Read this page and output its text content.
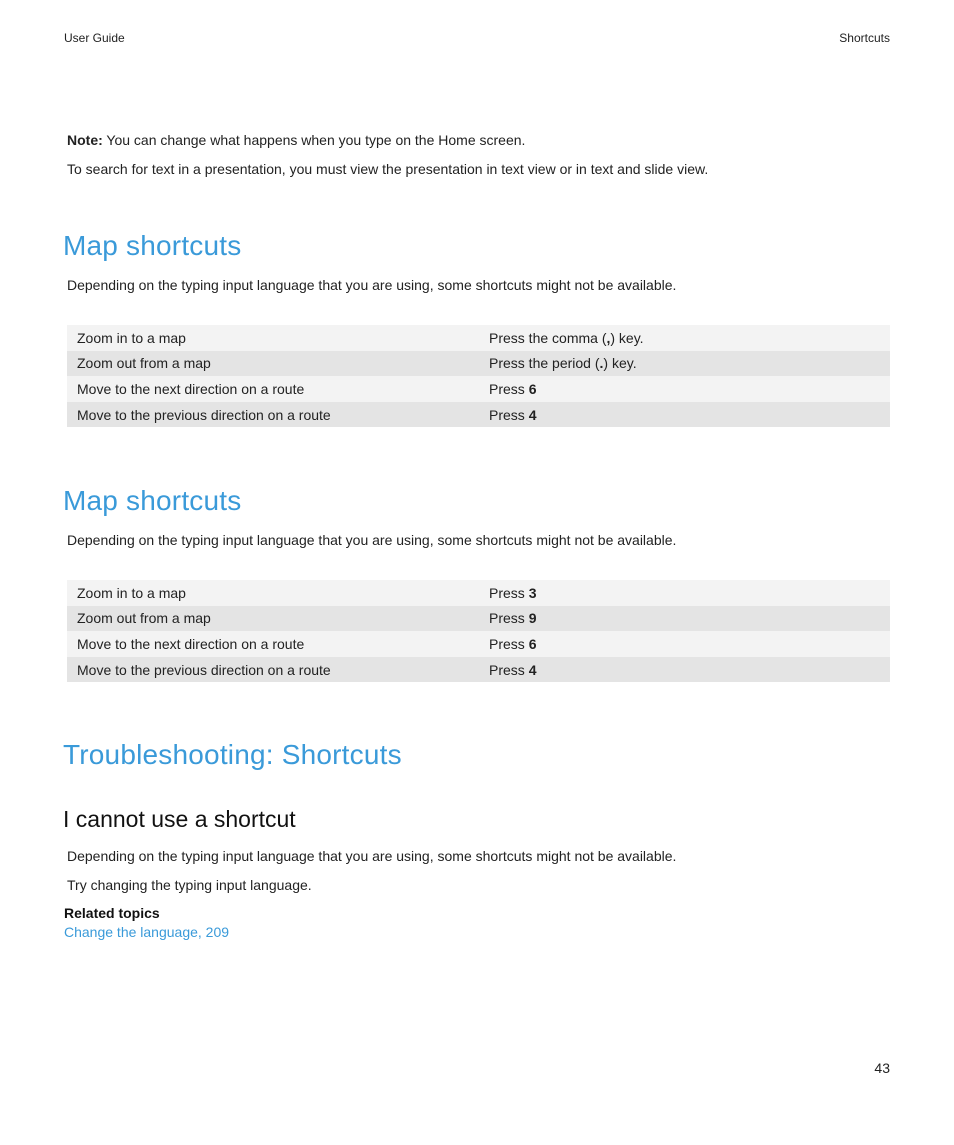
User Guide	Shortcuts
Note: You can change what happens when you type on the Home screen.
To search for text in a presentation, you must view the presentation in text view or in text and slide view.
Map shortcuts
Depending on the typing input language that you are using, some shortcuts might not be available.
Zoom in to a map	Press the comma (,) key.
Zoom out from a map	Press the period (.) key.
Move to the next direction on a route	Press 6
Move to the previous direction on a route	Press 4
Map shortcuts
Depending on the typing input language that you are using, some shortcuts might not be available.
Zoom in to a map	Press 3
Zoom out from a map	Press 9
Move to the next direction on a route	Press 6
Move to the previous direction on a route	Press 4
Troubleshooting: Shortcuts
I cannot use a shortcut
Depending on the typing input language that you are using, some shortcuts might not be available.
Try changing the typing input language.
Related topics
Change the language, 209
43
